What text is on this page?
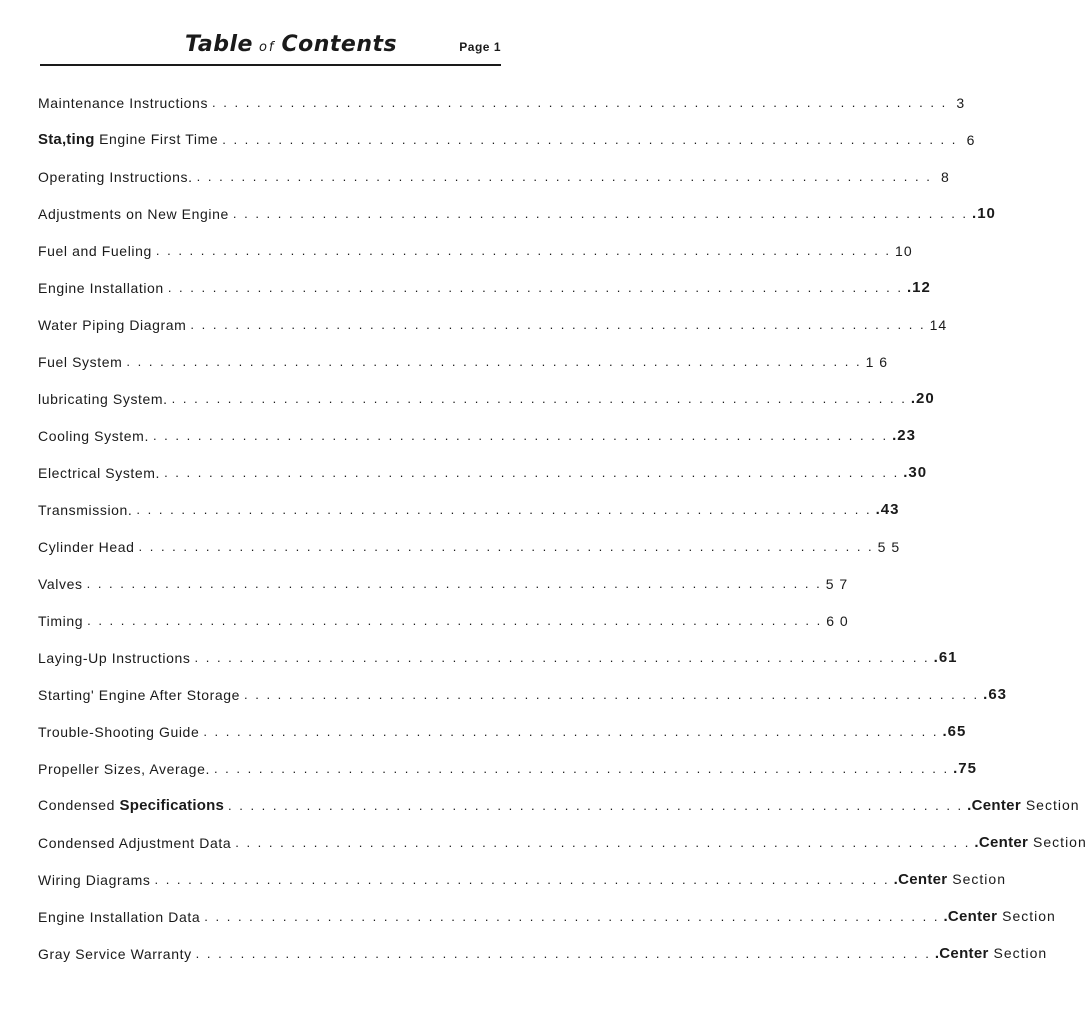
Table of Contents	Page 1
Maintenance Instructions . . .	3
Sta,ting Engine First Time . . .	6
Operating Instructions. . . .	8
Adjustments on New Engine . . .	.10
Fuel and Fueling . . .	10
Engine Installation . . .	.12
Water Piping Diagram . . .	14
Fuel System . . .	1 6
lubricating System. . . .	.20
Cooling System. . . .	.23
Electrical System. . . .	.30
Transmission. . . .	.43
Cylinder Head . . .	5 5
Valves . . .	5 7
Timing . . .	6 0
Laying-Up Instructions . . .	.61
Starting' Engine After Storage . . .	.63
Trouble-Shooting Guide . . .	.65
Propeller Sizes, Average. . . .	.75
Condensed Specifications . . .	.Center Section
Condensed Adjustment Data . . .	.Center Section
Wiring Diagrams . . .	.Center Section
Engine Installation Data . . .	.Center Section
Gray Service Warranty . . .	.Center Section
